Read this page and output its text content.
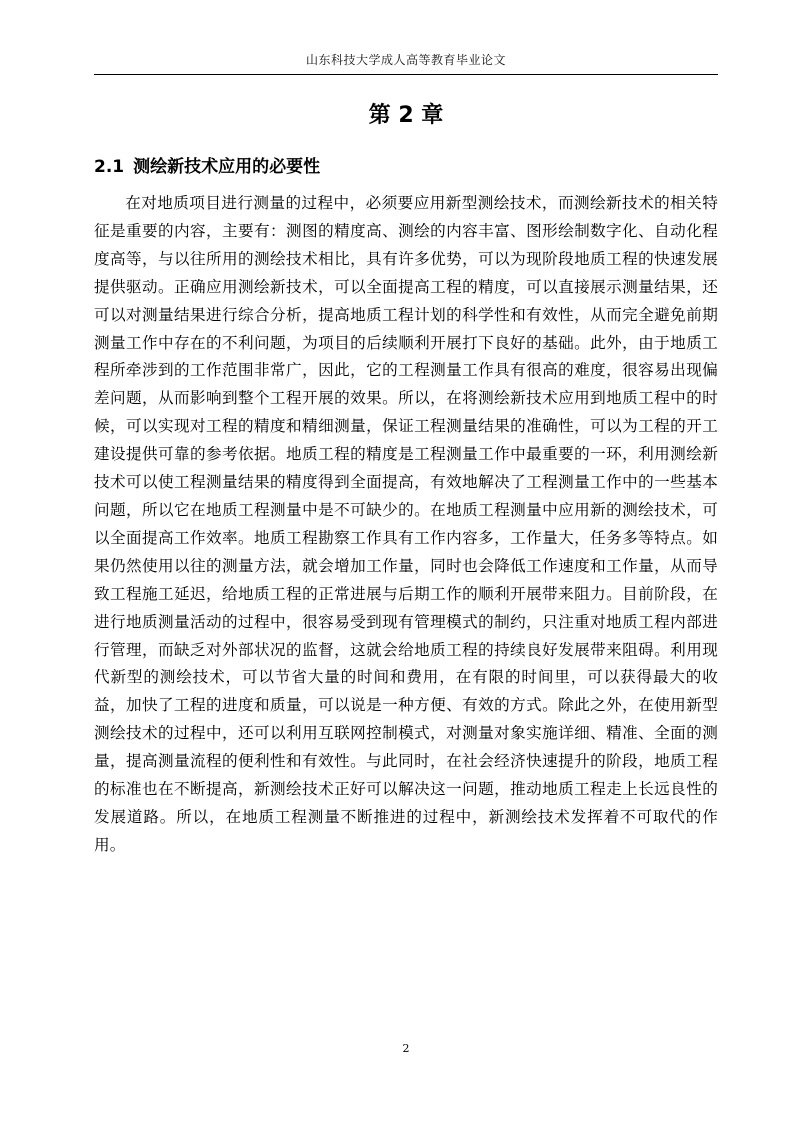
山东科技大学成人高等教育毕业论文
第 2 章
2.1 测绘新技术应用的必要性

在对地质项目进行测量的过程中，必须要应用新型测绘技术，而测绘新技术的相关特征是重要的内容，主要有：测图的精度高、测绘的内容丰富、图形绘制数字化、自动化程度高等，与以往所用的测绘技术相比，具有许多优势，可以为现阶段地质工程的快速发展提供驱动。正确应用测绘新技术，可以全面提高工程的精度，可以直接展示测量结果，还可以对测量结果进行综合分析，提高地质工程计划的科学性和有效性，从而完全避免前期测量工作中存在的不利问题，为项目的后续顺利开展打下良好的基础。此外，由于地质工程所牵涉到的工作范围非常广，因此，它的工程测量工作具有很高的难度，很容易出现偏差问题，从而影响到整个工程开展的效果。所以，在将测绘新技术应用到地质工程中的时候，可以实现对工程的精度和精细测量，保证工程测量结果的准确性，可以为工程的开工建设提供可靠的参考依据。地质工程的精度是工程测量工作中最重要的一环，利用测绘新技术可以使工程测量结果的精度得到全面提高，有效地解决了工程测量工作中的一些基本问题，所以它在地质工程测量中是不可缺少的。在地质工程测量中应用新的测绘技术，可以全面提高工作效率。地质工程勘察工作具有工作内容多，工作量大，任务多等特点。如果仍然使用以往的测量方法，就会增加工作量，同时也会降低工作速度和工作量，从而导致工程施工延迟，给地质工程的正常进展与后期工作的顺利开展带来阻力。目前阶段，在进行地质测量活动的过程中，很容易受到现有管理模式的制约，只注重对地质工程内部进行管理，而缺乏对外部状况的监督，这就会给地质工程的持续良好发展带来阻碍。利用现代新型的测绘技术，可以节省大量的时间和费用，在有限的时间里，可以获得最大的收益，加快了工程的进度和质量，可以说是一种方便、有效的方式。除此之外，在使用新型测绘技术的过程中，还可以利用互联网控制模式，对测量对象实施详细、精准、全面的测量，提高测量流程的便利性和有效性。与此同时，在社会经济快速提升的阶段，地质工程的标准也在不断提高，新测绘技术正好可以解决这一问题，推动地质工程走上长远良性的发展道路。所以，在地质工程测量不断推进的过程中，新测绘技术发挥着不可取代的作用。

2
